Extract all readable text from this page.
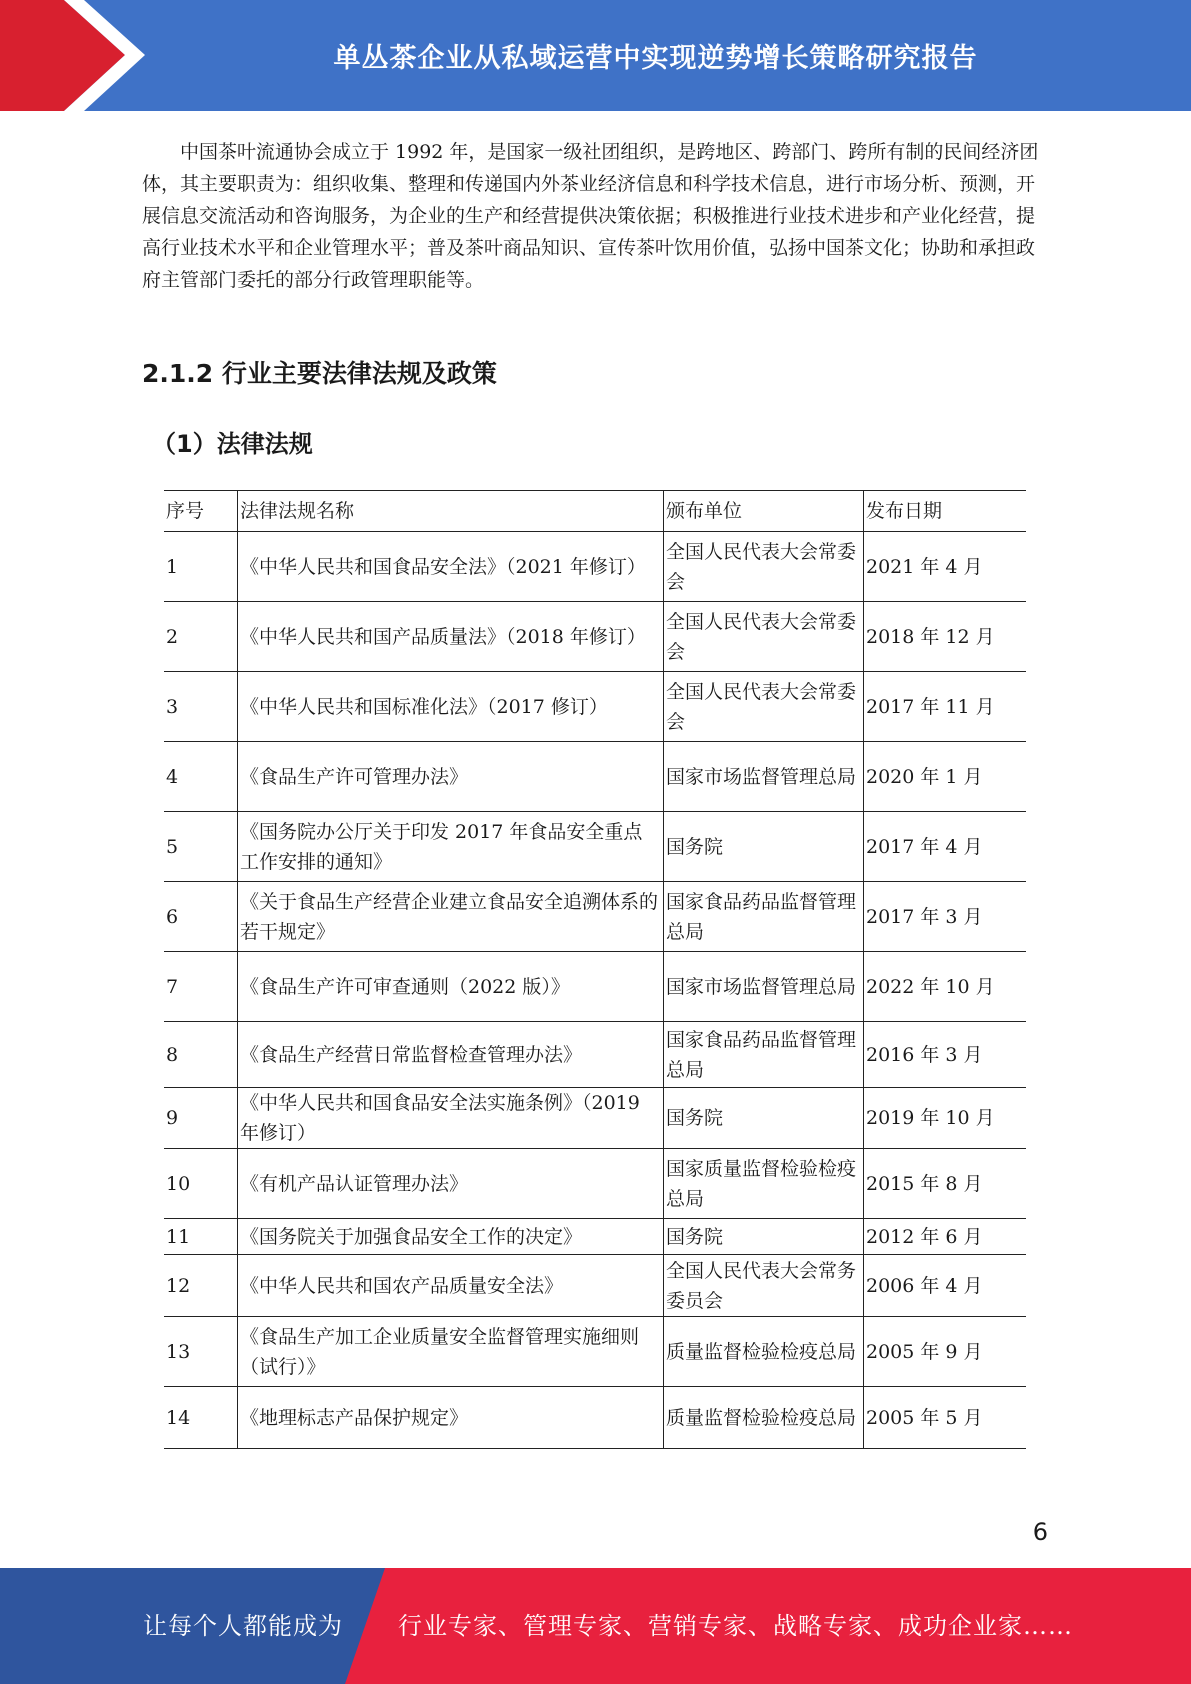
单丛茶企业从私域运营中实现逆势增长策略研究报告

中国茶叶流通协会成立于 1992 年，是国家一级社团组织，是跨地区、跨部门、跨所有制的民间经济团体，其主要职责为：组织收集、整理和传递国内外茶业经济信息和科学技术信息，进行市场分析、预测，开展信息交流活动和咨询服务，为企业的生产和经营提供决策依据；积极推进行业技术进步和产业化经营，提高行业技术水平和企业管理水平；普及茶叶商品知识、宣传茶叶饮用价值，弘扬中国茶文化；协助和承担政府主管部门委托的部分行政管理职能等。

2.1.2 行业主要法律法规及政策
（1）法律法规
序号	法律法规名称	颁布单位	发布日期
1	《中华人民共和国食品安全法》（2021 年修订）	全国人民代表大会常委会	2021 年 4 月
2	《中华人民共和国产品质量法》（2018 年修订）	全国人民代表大会常委会	2018 年 12 月
3	《中华人民共和国标准化法》（2017 修订）	全国人民代表大会常委会	2017 年 11 月
4	《食品生产许可管理办法》	国家市场监督管理总局	2020 年 1 月
5	《国务院办公厅关于印发 2017 年食品安全重点工作安排的通知》	国务院	2017 年 4 月
6	《关于食品生产经营企业建立食品安全追溯体系的若干规定》	国家食品药品监督管理总局	2017 年 3 月
7	《食品生产许可审查通则（2022 版）》	国家市场监督管理总局	2022 年 10 月
8	《食品生产经营日常监督检查管理办法》	国家食品药品监督管理总局	2016 年 3 月
9	《中华人民共和国食品安全法实施条例》（2019 年修订）	国务院	2019 年 10 月
10	《有机产品认证管理办法》	国家质量监督检验检疫总局	2015 年 8 月
11	《国务院关于加强食品安全工作的决定》	国务院	2012 年 6 月
12	《中华人民共和国农产品质量安全法》	全国人民代表大会常务委员会	2006 年 4 月
13	《食品生产加工企业质量安全监督管理实施细则（试行）》	质量监督检验检疫总局	2005 年 9 月
14	《地理标志产品保护规定》	质量监督检验检疫总局	2005 年 5 月
6
让每个人都能成为 行业专家、管理专家、营销专家、战略专家、成功企业家……
